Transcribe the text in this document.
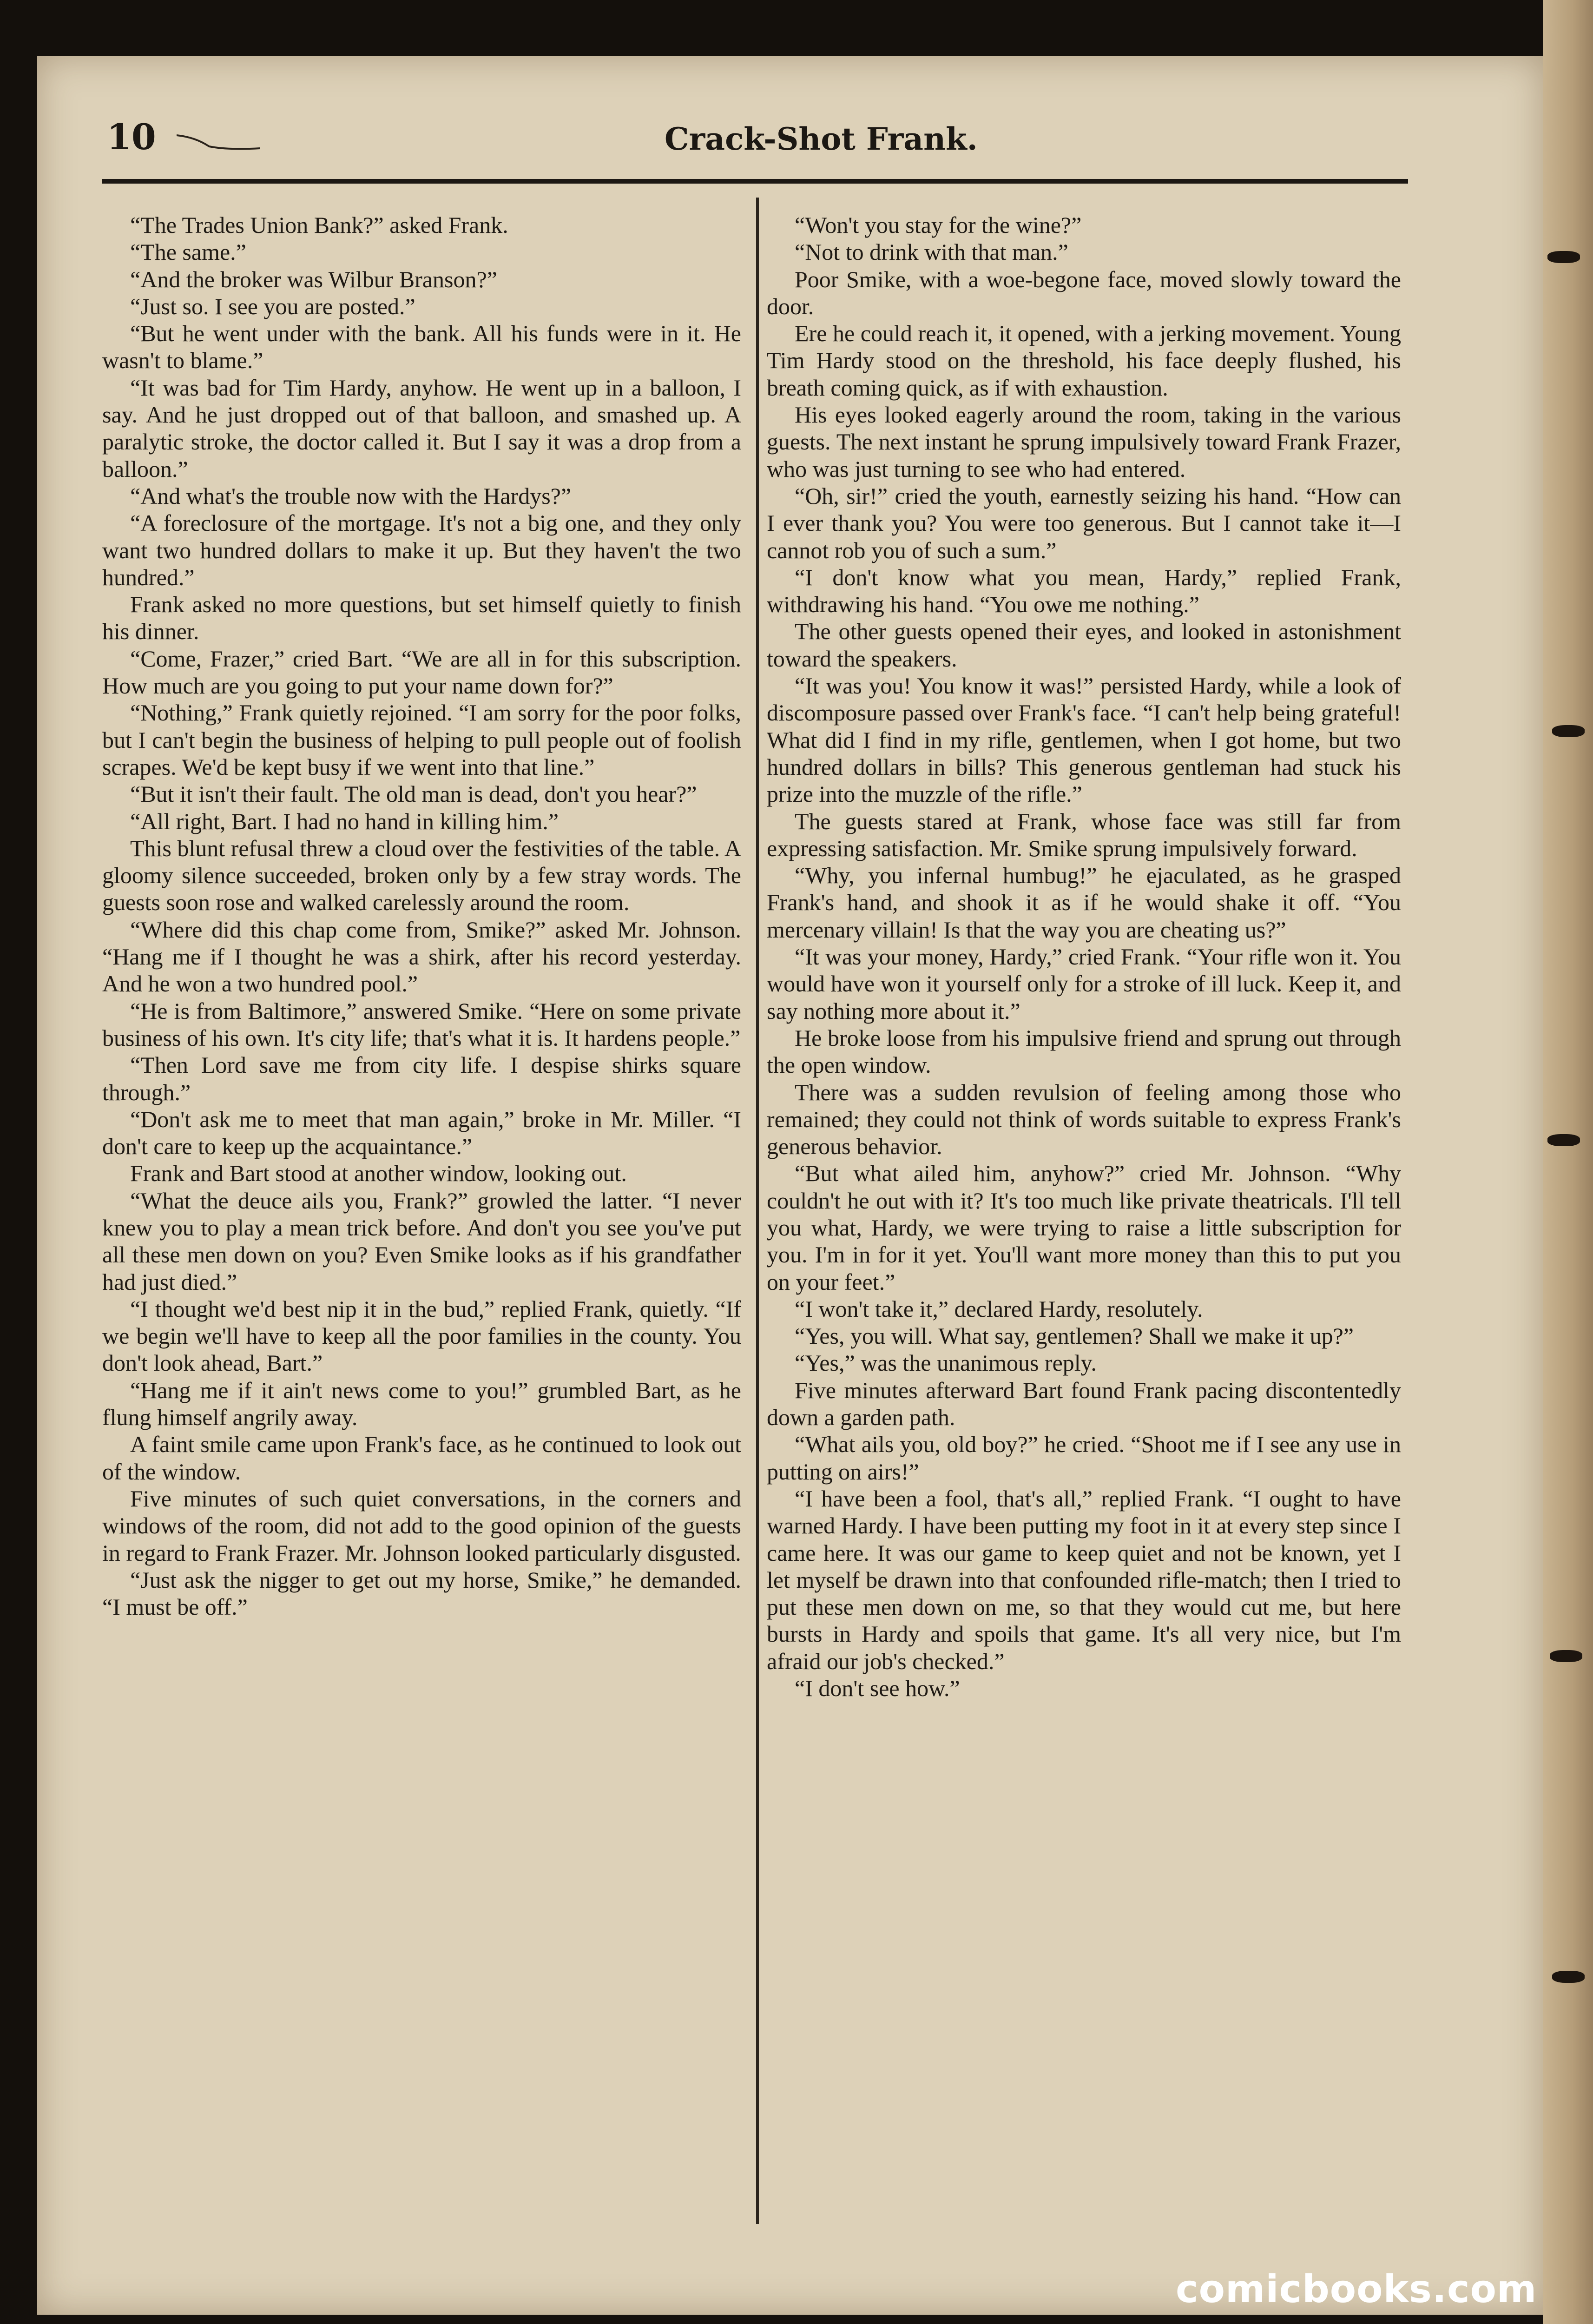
10	Crack-Shot Frank.

“The Trades Union Bank?” asked Frank.

“The same.”

“And the broker was Wilbur Branson?”

“Just so. I see you are posted.”

“But he went under with the bank. All his funds were in it. He wasn't to blame.”

“It was bad for Tim Hardy, anyhow. He went up in a balloon, I say. And he just dropped out of that balloon, and smashed up. A paralytic stroke, the doctor called it. But I say it was a drop from a balloon.”

“And what's the trouble now with the Hardys?”

“A foreclosure of the mortgage. It's not a big one, and they only want two hundred dollars to make it up. But they haven't the two hundred.”

Frank asked no more questions, but set himself quietly to finish his dinner.

“Come, Frazer,” cried Bart. “We are all in for this subscription. How much are you going to put your name down for?”

“Nothing,” Frank quietly rejoined. “I am sorry for the poor folks, but I can't begin the business of helping to pull people out of foolish scrapes. We'd be kept busy if we went into that line.”

“But it isn't their fault. The old man is dead, don't you hear?”

“All right, Bart. I had no hand in killing him.”

This blunt refusal threw a cloud over the festivities of the table. A gloomy silence succeeded, broken only by a few stray words. The guests soon rose and walked carelessly around the room.

“Where did this chap come from, Smike?” asked Mr. Johnson. “Hang me if I thought he was a shirk, after his record yesterday. And he won a two hundred pool.”

“He is from Baltimore,” answered Smike. “Here on some private business of his own. It's city life; that's what it is. It hardens people.”

“Then Lord save me from city life. I despise shirks square through.”

“Don't ask me to meet that man again,” broke in Mr. Miller. “I don't care to keep up the acquaintance.”

Frank and Bart stood at another window, looking out.

“What the deuce ails you, Frank?” growled the latter. “I never knew you to play a mean trick before. And don't you see you've put all these men down on you? Even Smike looks as if his grandfather had just died.”

“I thought we'd best nip it in the bud,” replied Frank, quietly. “If we begin we'll have to keep all the poor families in the county. You don't look ahead, Bart.”

“Hang me if it ain't news come to you!” grumbled Bart, as he flung himself angrily away.

A faint smile came upon Frank's face, as he continued to look out of the window.

Five minutes of such quiet conversations, in the corners and windows of the room, did not add to the good opinion of the guests in regard to Frank Frazer. Mr. Johnson looked particularly disgusted.

“Just ask the nigger to get out my horse, Smike,” he demanded. “I must be off.”

“Won't you stay for the wine?”

“Not to drink with that man.”

Poor Smike, with a woe-begone face, moved slowly toward the door.

Ere he could reach it, it opened, with a jerking movement. Young Tim Hardy stood on the threshold, his face deeply flushed, his breath coming quick, as if with exhaustion.

His eyes looked eagerly around the room, taking in the various guests. The next instant he sprung impulsively toward Frank Frazer, who was just turning to see who had entered.

“Oh, sir!” cried the youth, earnestly seizing his hand. “How can I ever thank you? You were too generous. But I cannot take it—I cannot rob you of such a sum.”

“I don't know what you mean, Hardy,” replied Frank, withdrawing his hand. “You owe me nothing.”

The other guests opened their eyes, and looked in astonishment toward the speakers.

“It was you! You know it was!” persisted Hardy, while a look of discomposure passed over Frank's face. “I can't help being grateful! What did I find in my rifle, gentlemen, when I got home, but two hundred dollars in bills? This generous gentleman had stuck his prize into the muzzle of the rifle.”

The guests stared at Frank, whose face was still far from expressing satisfaction. Mr. Smike sprung impulsively forward.

“Why, you infernal humbug!” he ejaculated, as he grasped Frank's hand, and shook it as if he would shake it off. “You mercenary villain! Is that the way you are cheating us?”

“It was your money, Hardy,” cried Frank. “Your rifle won it. You would have won it yourself only for a stroke of ill luck. Keep it, and say nothing more about it.”

He broke loose from his impulsive friend and sprung out through the open window.

There was a sudden revulsion of feeling among those who remained; they could not think of words suitable to express Frank's generous behavior.

“But what ailed him, anyhow?” cried Mr. Johnson. “Why couldn't he out with it? It's too much like private theatricals. I'll tell you what, Hardy, we were trying to raise a little subscription for you. I'm in for it yet. You'll want more money than this to put you on your feet.”

“I won't take it,” declared Hardy, resolutely.

“Yes, you will. What say, gentlemen? Shall we make it up?”

“Yes,” was the unanimous reply.

Five minutes afterward Bart found Frank pacing discontentedly down a garden path.

“What ails you, old boy?” he cried. “Shoot me if I see any use in putting on airs!”

“I have been a fool, that's all,” replied Frank. “I ought to have warned Hardy. I have been putting my foot in it at every step since I came here. It was our game to keep quiet and not be known, yet I let myself be drawn into that confounded rifle-match; then I tried to put these men down on me, so that they would cut me, but here bursts in Hardy and spoils that game. It's all very nice, but I'm afraid our job's checked.”

“I don't see how.”

comicbooks.com
